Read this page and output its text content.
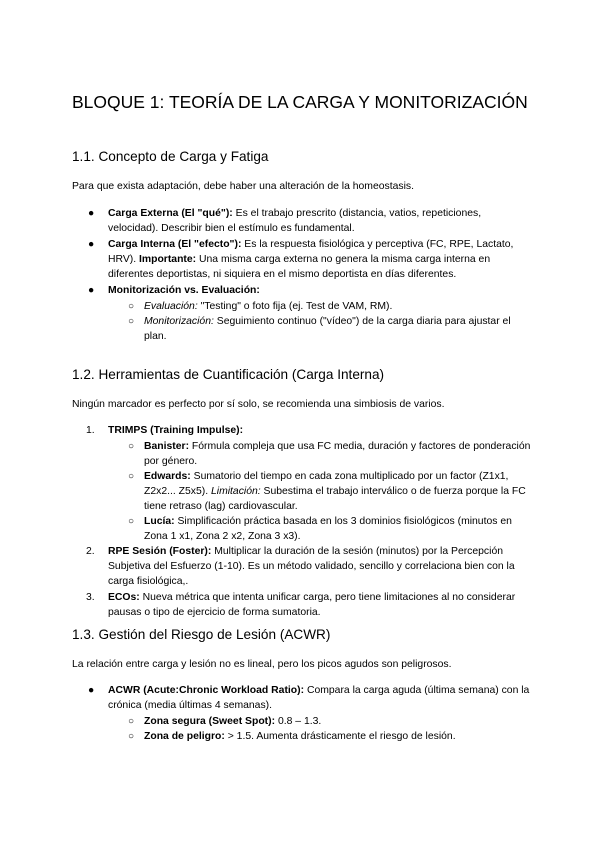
BLOQUE 1: TEORÍA DE LA CARGA Y MONITORIZACIÓN
1.1. Concepto de Carga y Fatiga

Para que exista adaptación, debe haber una alteración de la homeostasis.

● Carga Externa (El "qué"): Es el trabajo prescrito (distancia, vatios, repeticiones, velocidad). Describir bien el estímulo es fundamental.
● Carga Interna (El "efecto"): Es la respuesta fisiológica y perceptiva (FC, RPE, Lactato, HRV). Importante: Una misma carga externa no genera la misma carga interna en diferentes deportistas, ni siquiera en el mismo deportista en días diferentes.
● Monitorización vs. Evaluación:
○ Evaluación: "Testing" o foto fija (ej. Test de VAM, RM).
○ Monitorización: Seguimiento continuo ("vídeo") de la carga diaria para ajustar el plan.
1.2. Herramientas de Cuantificación (Carga Interna)

Ningún marcador es perfecto por sí solo, se recomienda una simbiosis de varios.

1. TRIMPS (Training Impulse):
○ Banister: Fórmula compleja que usa FC media, duración y factores de ponderación por género.
○ Edwards: Sumatorio del tiempo en cada zona multiplicado por un factor (Z1x1, Z2x2... Z5x5). Limitación: Subestima el trabajo interválico o de fuerza porque la FC tiene retraso (lag) cardiovascular.
○ Lucía: Simplificación práctica basada en los 3 dominios fisiológicos (minutos en Zona 1 x1, Zona 2 x2, Zona 3 x3).
2. RPE Sesión (Foster): Multiplicar la duración de la sesión (minutos) por la Percepción Subjetiva del Esfuerzo (1-10). Es un método validado, sencillo y correlaciona bien con la carga fisiológica,.
3. ECOs: Nueva métrica que intenta unificar carga, pero tiene limitaciones al no considerar pausas o tipo de ejercicio de forma sumatoria.
1.3. Gestión del Riesgo de Lesión (ACWR)

La relación entre carga y lesión no es lineal, pero los picos agudos son peligrosos.

● ACWR (Acute:Chronic Workload Ratio): Compara la carga aguda (última semana) con la crónica (media últimas 4 semanas).
○ Zona segura (Sweet Spot): 0.8 – 1.3.
○ Zona de peligro: > 1.5. Aumenta drásticamente el riesgo de lesión.
